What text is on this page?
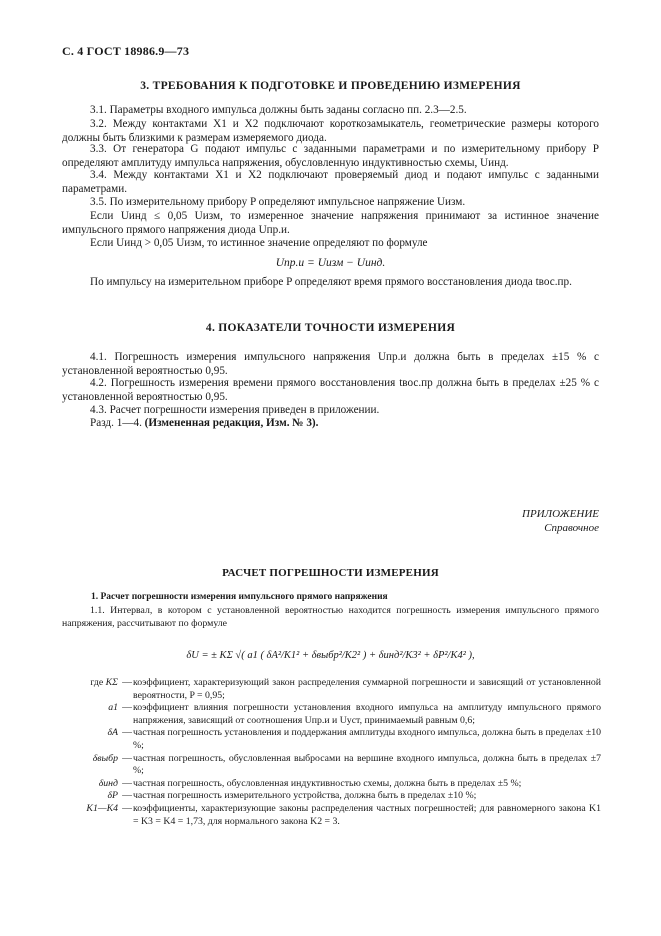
С. 4 ГОСТ 18986.9—73
3. ТРЕБОВАНИЯ К ПОДГОТОВКЕ И ПРОВЕДЕНИЮ ИЗМЕРЕНИЯ
3.1. Параметры входного импульса должны быть заданы согласно пп. 2.3—2.5.
3.2. Между контактами X1 и X2 подключают короткозамыкатель, геометрические размеры которого должны быть близкими к размерам измеряемого диода.
3.3. От генератора G подают импульс с заданными параметрами и по измерительному прибору P определяют амплитуду импульса напряжения, обусловленную индуктивностью схемы, Uинд.
3.4. Между контактами X1 и X2 подключают проверяемый диод и подают импульс с заданными параметрами.
3.5. По измерительному прибору P определяют импульсное напряжение Uизм.
Если Uинд ≤ 0,05 Uизм, то измеренное значение напряжения принимают за истинное значение импульсного прямого напряжения диода Uпр.и.
Если Uинд > 0,05 Uизм, то истинное значение определяют по формуле
Uпр.и = Uизм − Uинд.
По импульсу на измерительном приборе P определяют время прямого восстановления диода tвос.пр.
4. ПОКАЗАТЕЛИ ТОЧНОСТИ ИЗМЕРЕНИЯ
4.1. Погрешность измерения импульсного напряжения Uпр.и должна быть в пределах ±15 % с установленной вероятностью 0,95.
4.2. Погрешность измерения времени прямого восстановления tвос.пр должна быть в пределах ±25 % с установленной вероятностью 0,95.
4.3. Расчет погрешности измерения приведен в приложении.
Разд. 1—4. (Измененная редакция, Изм. № 3).
ПРИЛОЖЕНИЕ
Справочное
РАСЧЕТ ПОГРЕШНОСТИ ИЗМЕРЕНИЯ
1. Расчет погрешности измерения импульсного прямого напряжения
1.1. Интервал, в котором с установленной вероятностью находится погрешность измерения импульсного прямого напряжения, рассчитывают по формуле
δU = ± KΣ √( a1 ( δA²/K1² + δвыбр²/K2² ) + δинд²/K3² + δP²/K4² ),
где KΣ — коэффициент, характеризующий закон распределения суммарной погрешности и зависящий от установленной вероятности, P = 0,95;
a1 — коэффициент влияния погрешности установления входного импульса на амплитуду импульсного прямого напряжения, зависящий от соотношения Uпр.и и Uуст, принимаемый равным 0,6;
δA — частная погрешность установления и поддержания амплитуды входного импульса, должна быть в пределах ±10 %;
δвыбр — частная погрешность, обусловленная выбросами на вершине входного импульса, должна быть в пределах ±7 %;
δинд — частная погрешность, обусловленная индуктивностью схемы, должна быть в пределах ±5 %;
δP — частная погрешность измерительного устройства, должна быть в пределах ±10 %;
K1—K4 — коэффициенты, характеризующие законы распределения частных погрешностей; для равномерного закона K1 = K3 = K4 = 1,73, для нормального закона K2 = 3.
